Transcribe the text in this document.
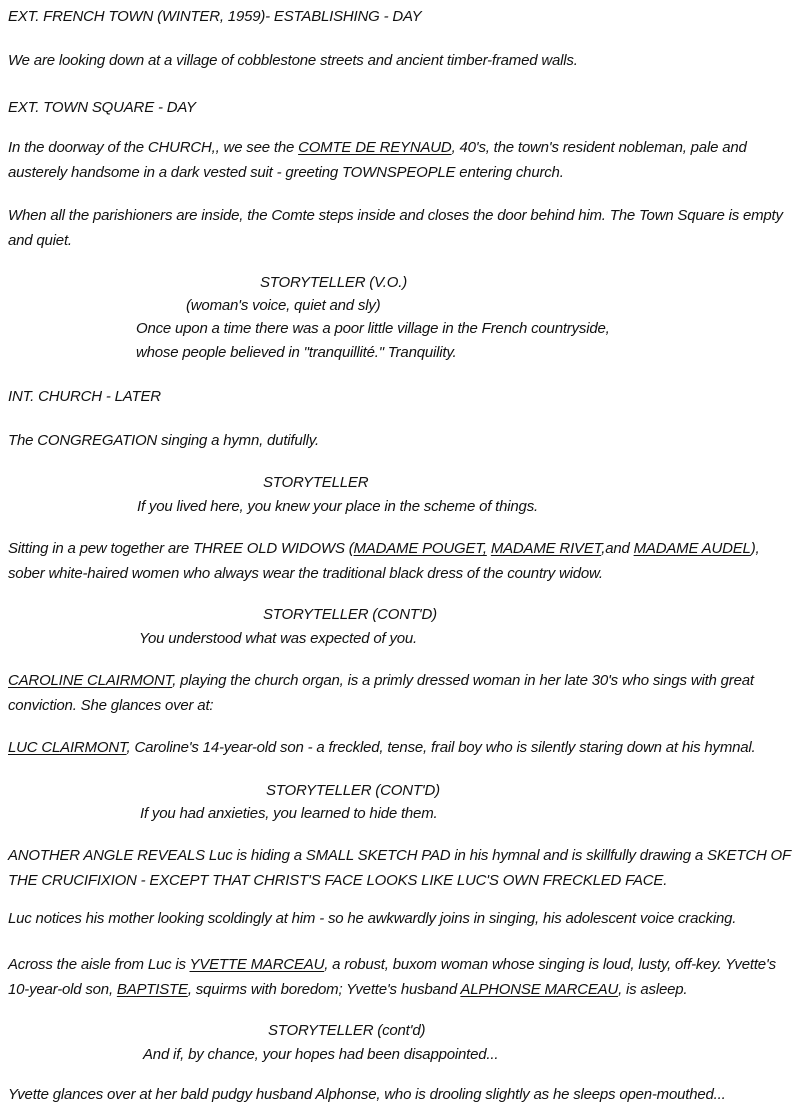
EXT. FRENCH TOWN (WINTER, 1959)- ESTABLISHING - DAY

We are looking down at a village of cobblestone streets and ancient timber-framed walls.

EXT. TOWN SQUARE - DAY

In the doorway of the CHURCH,, we see the COMTE DE REYNAUD, 40's, the town's resident nobleman, pale and austerely handsome in a dark vested suit - greeting TOWNSPEOPLE entering church.

When all the parishioners are inside, the Comte steps inside and closes the door behind him. The Town Square is empty and quiet.

STORYTELLER (V.O.)

(woman's voice, quiet and sly)

Once upon a time there was a poor little village in the French countryside,

whose people believed in "tranquillité." Tranquility.

INT. CHURCH - LATER

The CONGREGATION singing a hymn, dutifully.

STORYTELLER

If you lived here, you knew your place in the scheme of things.

Sitting in a pew together are THREE OLD WIDOWS (MADAME POUGET, MADAME RIVET,and MADAME AUDEL), sober white-haired women who always wear the traditional black dress of the country widow.

STORYTELLER (CONT'D)

You understood what was expected of you.

CAROLINE CLAIRMONT, playing the church organ, is a primly dressed woman in her late 30's who sings with great conviction. She glances over at:

LUC CLAIRMONT, Caroline's 14-year-old son - a freckled, tense, frail boy who is silently staring down at his hymnal.

STORYTELLER (CONT'D)

If you had anxieties, you learned to hide them.

ANOTHER ANGLE REVEALS Luc is hiding a SMALL SKETCH PAD in his hymnal and is skillfully drawing a SKETCH OF THE CRUCIFIXION - EXCEPT THAT CHRIST'S FACE LOOKS LIKE LUC'S OWN FRECKLED FACE.

Luc notices his mother looking scoldingly at him - so he awkwardly joins in singing, his adolescent voice cracking.

Across the aisle from Luc is YVETTE MARCEAU, a robust, buxom woman whose singing is loud, lusty, off-key. Yvette's 10-year-old son, BAPTISTE, squirms with boredom; Yvette's husband ALPHONSE MARCEAU, is asleep.

STORYTELLER (cont'd)

And if, by chance, your hopes had been disappointed...

Yvette glances over at her bald pudgy husband Alphonse, who is drooling slightly as he sleeps open-mouthed...
